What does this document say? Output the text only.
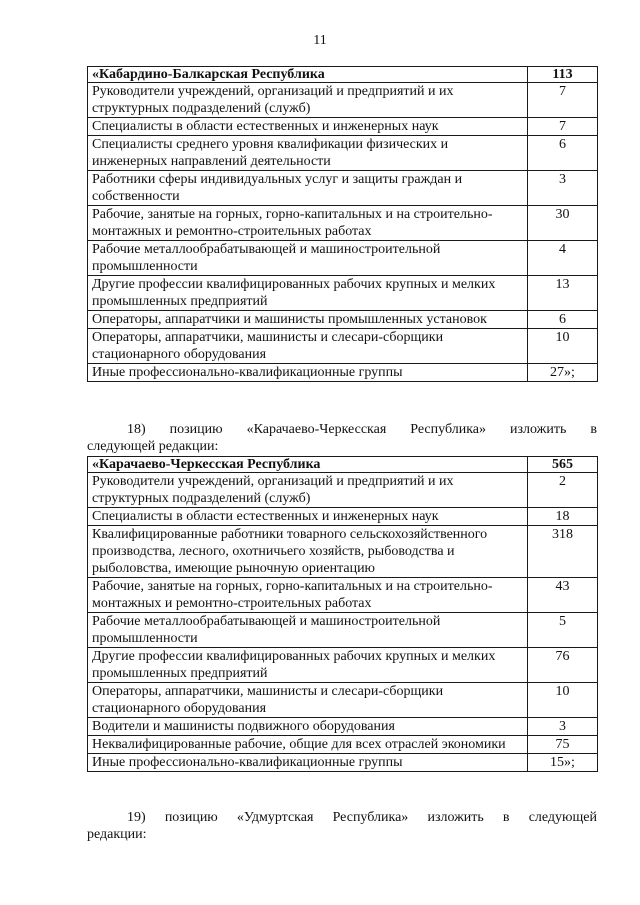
11
«Кабардино-Балкарская Республика	113
Руководители учреждений, организаций и предприятий и их структурных подразделений (служб)	7
Специалисты в области естественных и инженерных наук	7
Специалисты среднего уровня квалификации физических и инженерных направлений деятельности	6
Работники сферы индивидуальных услуг и защиты граждан и собственности	3
Рабочие, занятые на горных, горно-капитальных и на строительно-монтажных и ремонтно-строительных работах	30
Рабочие металлообрабатывающей и машиностроительной промышленности	4
Другие профессии квалифицированных рабочих крупных и мелких промышленных предприятий	13
Операторы, аппаратчики и машинисты промышленных установок	6
Операторы, аппаратчики, машинисты и слесари-сборщики стационарного оборудования	10
Иные профессионально-квалификационные группы	27»;
18) позицию «Карачаево-Черкесская Республика» изложить в
следующей редакции:
«Карачаево-Черкесская Республика	565
Руководители учреждений, организаций и предприятий и их структурных подразделений (служб)	2
Специалисты в области естественных и инженерных наук	18
Квалифицированные работники товарного сельскохозяйственного производства, лесного, охотничьего хозяйств, рыбоводства и рыболовства, имеющие рыночную ориентацию	318
Рабочие, занятые на горных, горно-капитальных и на строительно-монтажных и ремонтно-строительных работах	43
Рабочие металлообрабатывающей и машиностроительной промышленности	5
Другие профессии квалифицированных рабочих крупных и мелких промышленных предприятий	76
Операторы, аппаратчики, машинисты и слесари-сборщики стационарного оборудования	10
Водители и машинисты подвижного оборудования	3
Неквалифицированные рабочие, общие для всех отраслей экономики	75
Иные профессионально-квалификационные группы	15»;
19) позицию «Удмуртская Республика» изложить в следующей
редакции:
